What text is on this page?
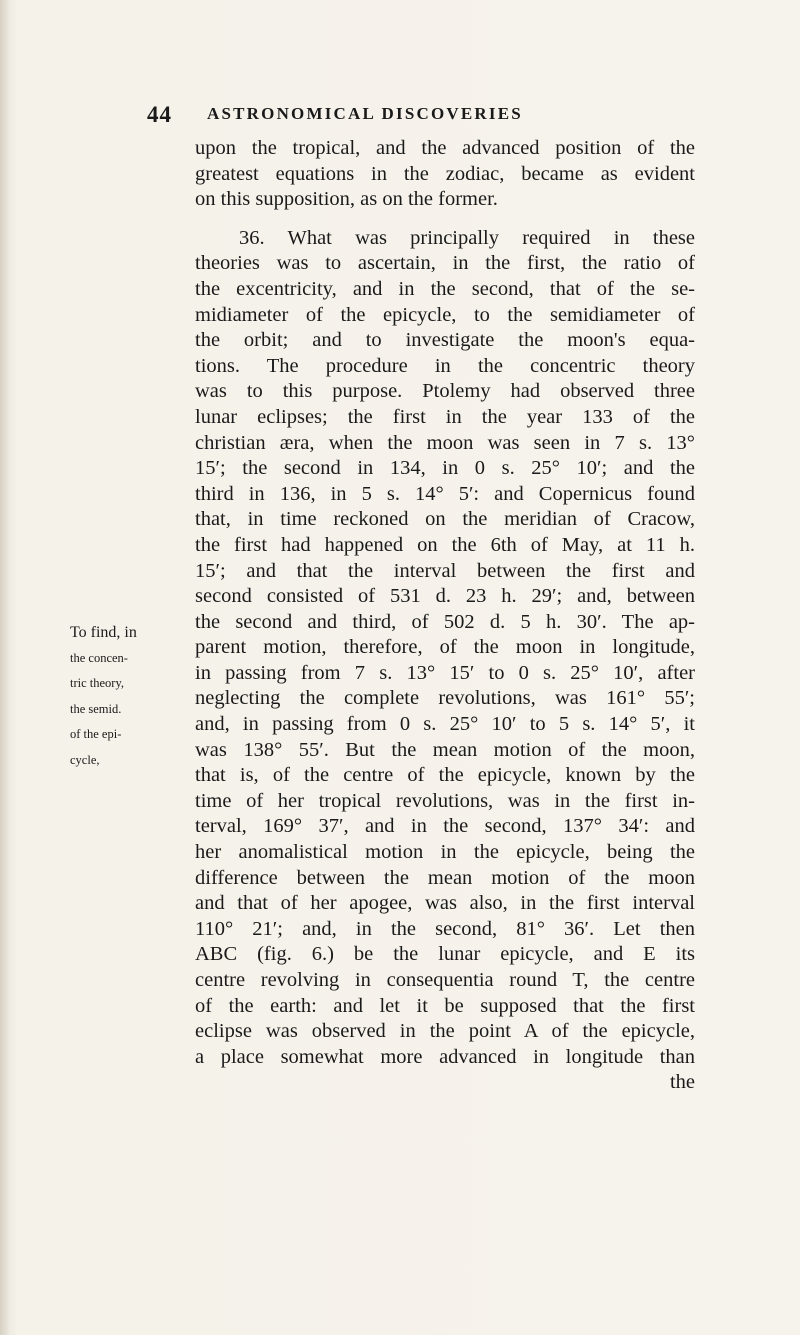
44 ASTRONOMICAL DISCOVERIES
upon the tropical, and the advanced position of the
greatest equations in the zodiac, became as evident
on this supposition, as on the former.
36. What was principally required in these
theories was to ascertain, in the first, the ratio of
the excentricity, and in the second, that of the se-
midiameter of the epicycle, to the semidiameter of
the orbit; and to investigate the moon's equa-
tions. The procedure in the concentric theory
was to this purpose. Ptolemy had observed three
lunar eclipses; the first in the year 133 of the
christian æra, when the moon was seen in 7 s. 13°
15′; the second in 134, in 0 s. 25° 10′; and the
third in 136, in 5 s. 14° 5′: and Copernicus found
that, in time reckoned on the meridian of Cracow,
the first had happened on the 6th of May, at 11 h.
15′; and that the interval between the first and
second consisted of 531 d. 23 h. 29′; and, between
the second and third, of 502 d. 5 h. 30′. The ap-
parent motion, therefore, of the moon in longitude,
in passing from 7 s. 13° 15′ to 0 s. 25° 10′, after
neglecting the complete revolutions, was 161° 55′;
and, in passing from 0 s. 25° 10′ to 5 s. 14° 5′, it
was 138° 55′. But the mean motion of the moon,
that is, of the centre of the epicycle, known by the
time of her tropical revolutions, was in the first in-
terval, 169° 37′, and in the second, 137° 34′: and
her anomalistical motion in the epicycle, being the
difference between the mean motion of the moon
and that of her apogee, was also, in the first interval
110° 21′; and, in the second, 81° 36′. Let then
ABC (fig. 6.) be the lunar epicycle, and E its
centre revolving in consequentia round T, the centre
of the earth: and let it be supposed that the first
eclipse was observed in the point A of the epicycle,
a place somewhat more advanced in longitude than
the
To find, in
the concen-
tric theory,
the semid.
of the epi-
cycle,
